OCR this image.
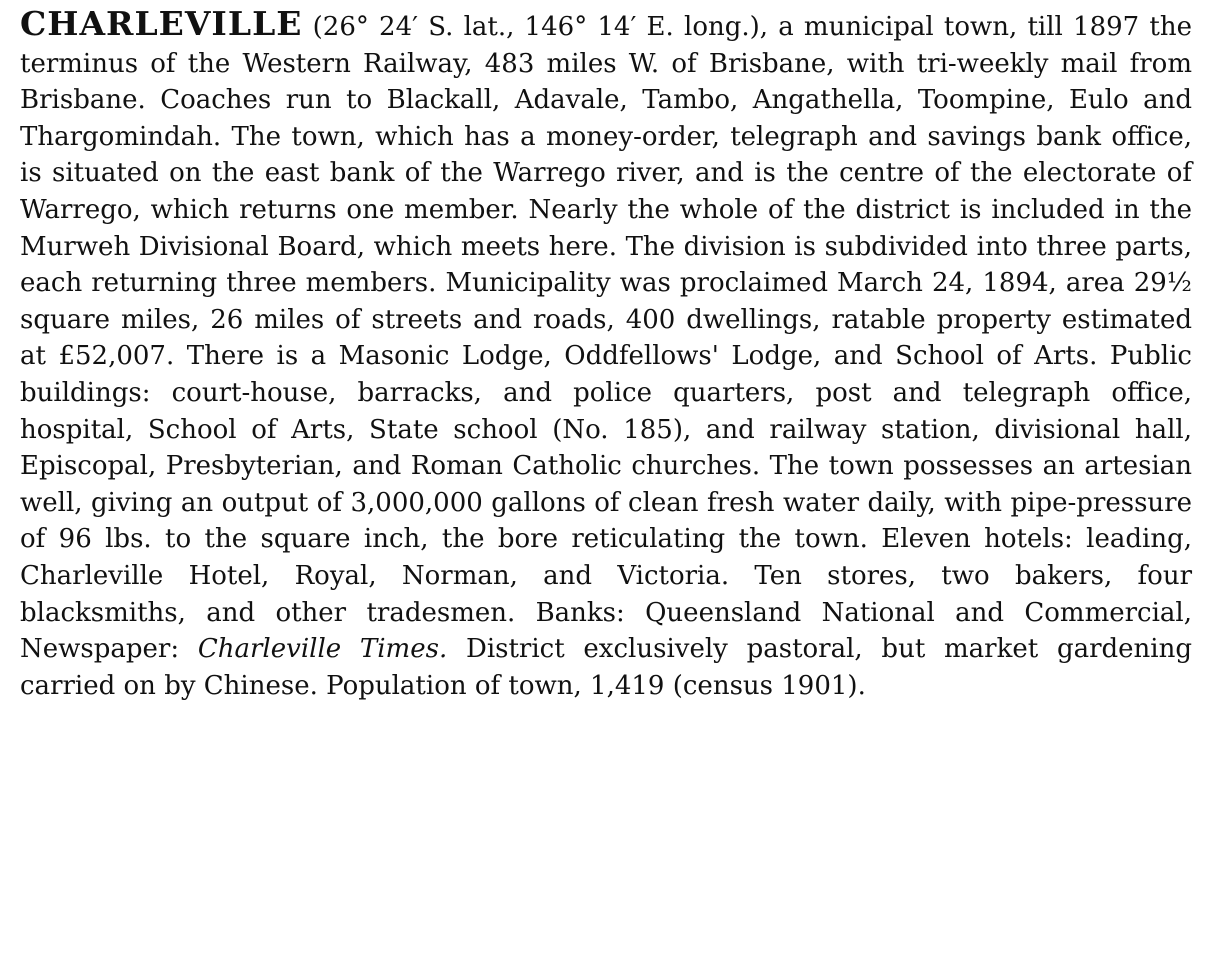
CHARLEVILLE (26° 24′ S. lat., 146° 14′ E. long.), a municipal town, till 1897 the terminus of the Western Railway, 483 miles W. of Brisbane, with tri-weekly mail from Brisbane. Coaches run to Blackall, Adavale, Tambo, Angathella, Toompine, Eulo and Thargomindah. The town, which has a money-order, telegraph and savings bank office, is situated on the east bank of the Warrego river, and is the centre of the electorate of Warrego, which returns one member. Nearly the whole of the district is included in the Murweh Divisional Board, which meets here. The division is subdivided into three parts, each returning three members. Municipality was proclaimed March 24, 1894, area 29½ square miles, 26 miles of streets and roads, 400 dwellings, ratable property estimated at £52,007. There is a Masonic Lodge, Oddfellows' Lodge, and School of Arts. Public buildings: court-house, barracks, and police quarters, post and telegraph office, hospital, School of Arts, State school (No. 185), and railway station, divisional hall, Episcopal, Presbyterian, and Roman Catholic churches. The town possesses an artesian well, giving an output of 3,000,000 gallons of clean fresh water daily, with pipe-pressure of 96 lbs. to the square inch, the bore reticulating the town. Eleven hotels: leading, Charleville Hotel, Royal, Norman, and Victoria. Ten stores, two bakers, four blacksmiths, and other tradesmen. Banks: Queensland National and Commercial, Newspaper: Charleville Times. District exclusively pastoral, but market gardening carried on by Chinese. Population of town, 1,419 (census 1901).
